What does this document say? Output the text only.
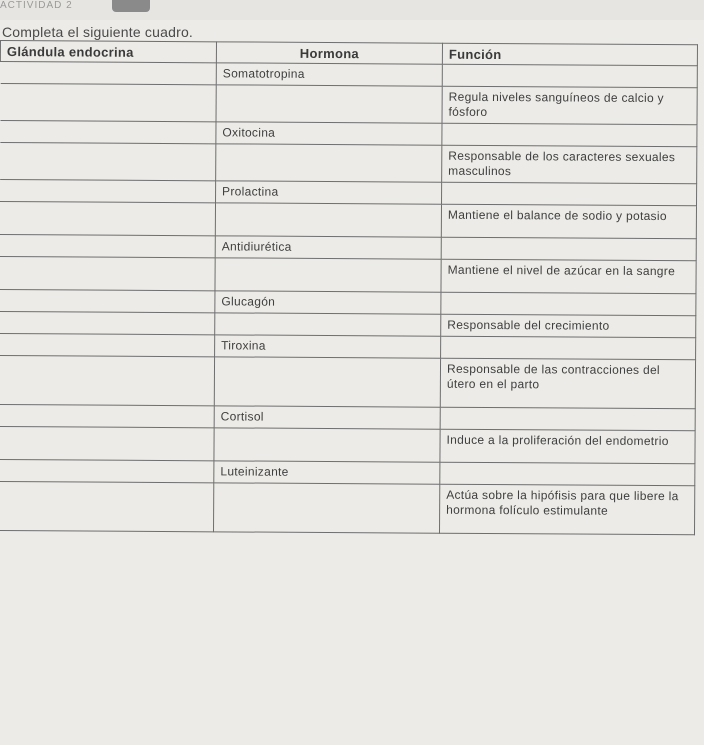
ACTIVIDAD 2
Completa el siguiente cuadro.
Glándula endocrina	Hormona	Función
	Somatotropina	
		Regula niveles sanguíneos de calcio y fósforo
	Oxitocina	
		Responsable de los caracteres sexuales masculinos
	Prolactina	
		Mantiene el balance de sodio y potasio
	Antidiurética	
		Mantiene el nivel de azúcar en la sangre
	Glucagón	
		Responsable del crecimiento
	Tiroxina	
		Responsable de las contracciones del útero en el parto
	Cortisol	
		Induce a la proliferación del endometrio
	Luteinizante	
		Actúa sobre la hipófisis para que libere la hormona folículo estimulante
